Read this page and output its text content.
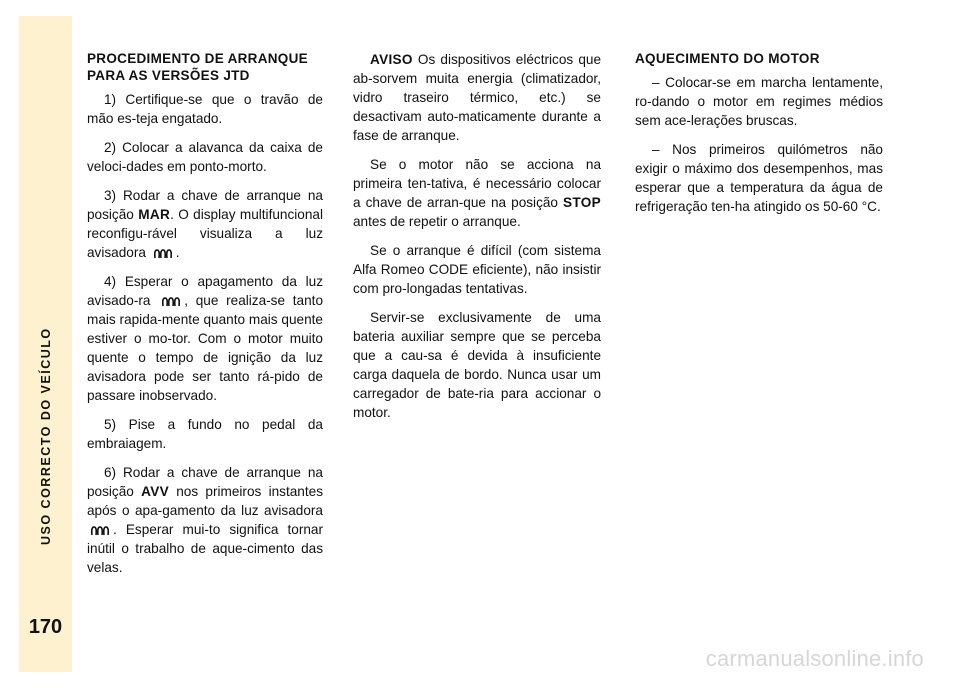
USO CORRECTO DO VEÍCULO
170
PROCEDIMENTO DE ARRANQUE PARA AS VERSÕES JTD

1) Certifique-se que o travão de mão es-teja engatado.

2) Colocar a alavanca da caixa de veloci-dades em ponto-morto.

3) Rodar a chave de arranque na posição MAR. O display multifuncional reconfigu-rável visualiza a luz avisadora .

4) Esperar o apagamento da luz avisado-ra , que realiza-se tanto mais rapida-mente quanto mais quente estiver o mo-tor. Com o motor muito quente o tempo de ignição da luz avisadora pode ser tanto rá-pido de passare inobservado.

5) Pise a fundo no pedal da embraiagem.

6) Rodar a chave de arranque na posição AVV nos primeiros instantes após o apa-gamento da luz avisadora . Esperar mui-to significa tornar inútil o trabalho de aque-cimento das velas.

AVISO Os dispositivos eléctricos que ab-sorvem muita energia (climatizador, vidro traseiro térmico, etc.) se desactivam auto-maticamente durante a fase de arranque.

Se o motor não se acciona na primeira ten-tativa, é necessário colocar a chave de arran-que na posição STOP antes de repetir o arranque.

Se o arranque é difícil (com sistema Alfa Romeo CODE eficiente), não insistir com pro-longadas tentativas.

Servir-se exclusivamente de uma bateria auxiliar sempre que se perceba que a cau-sa é devida à insuficiente carga daquela de bordo. Nunca usar um carregador de bate-ria para accionar o motor.

AQUECIMENTO DO MOTOR

– Colocar-se em marcha lentamente, ro-dando o motor em regimes médios sem ace-lerações bruscas.

– Nos primeiros quilómetros não exigir o máximo dos desempenhos, mas esperar que a temperatura da água de refrigeração ten-ha atingido os 50-60 °C.

carmanualsonline.info
